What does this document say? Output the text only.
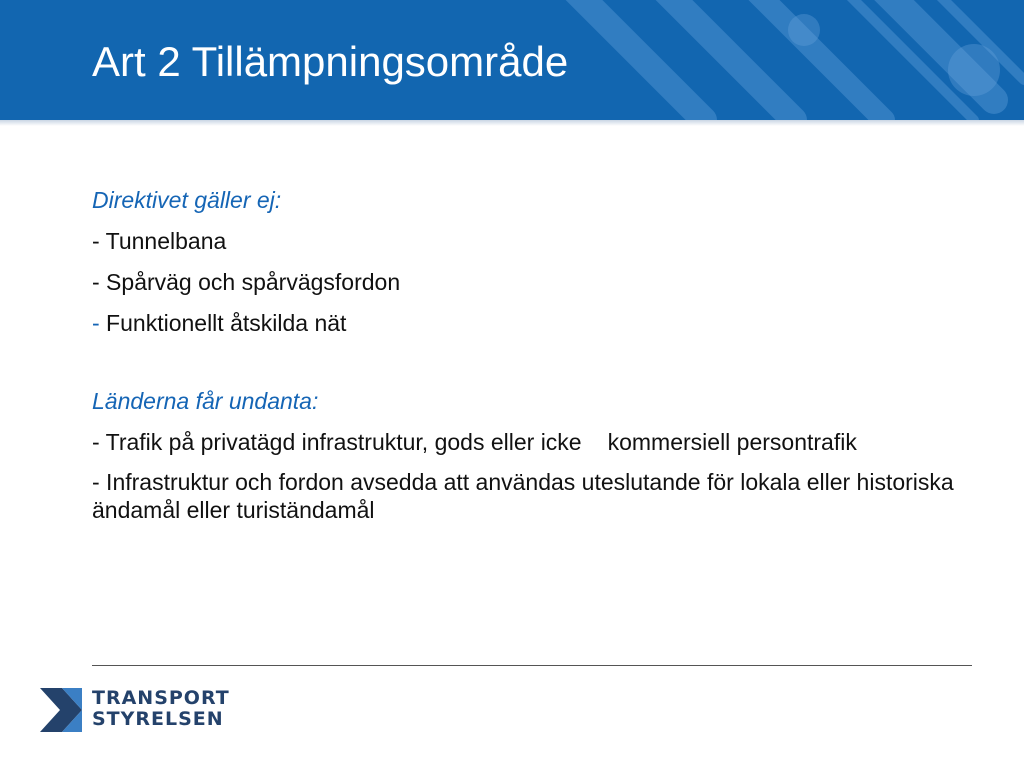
Art 2 Tillämpningsområde

Direktivet gäller ej:

- Tunnelbana

- Spårväg och spårvägsfordon

- Funktionellt åtskilda nät

Länderna får undanta:

- Trafik på privatägd infrastruktur, gods eller icke kommersiell persontrafik

- Infrastruktur och fordon avsedda att användas uteslutande för lokala eller historiska ändamål eller turiständamål

TRANSPORT
STYRELSEN
